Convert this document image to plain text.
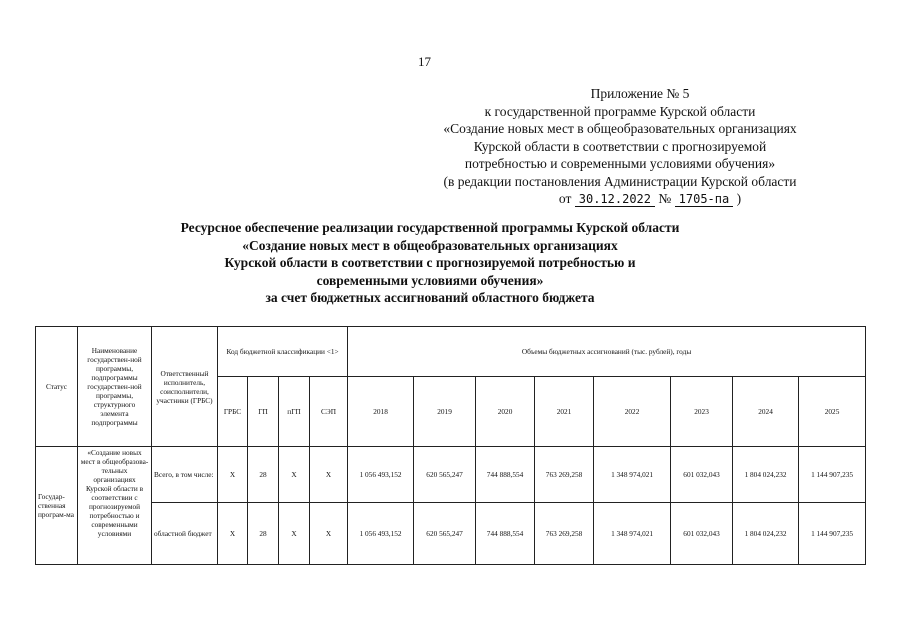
17
Приложение № 5
к государственной программе Курской области
«Создание новых мест в общеобразовательных организациях
Курской области в соответствии с прогнозируемой
потребностью и современными условиями обучения»
(в редакции постановления Администрации Курской области
от 30.12.2022 № 1705-па )
Ресурсное обеспечение реализации государственной программы Курской области
«Создание новых мест в общеобразовательных организациях
Курской области в соответствии с прогнозируемой потребностью и
современными условиями обучения»
за счет бюджетных ассигнований областного бюджета
Статус	Наименование государствен-ной программы, подпрограммы государствен-ной программы, структурного элемента подпрограммы	Ответственный исполнитель, соисполнители, участники (ГРБС)	Код бюджетной классификации <1>				Объемы бюджетных ассигнований (тыс. рублей), годы							
			ГРБС	ГП	пГП	СЭП	2018	2019	2020	2021	2022	2023	2024	2025
Государ-ственная програм-ма	«Создание новых мест в общеобразова-тельных организациях Курской области в соответствии с прогнозируемой потребностью и современными условиями	Всего, в том числе:	Х	28	Х	Х	1 056 493,152	620 565,247	744 888,554	763 269,258	1 348 974,021	601 032,043	1 804 024,232	1 144 907,235
		областной бюджет	Х	28	Х	Х	1 056 493,152	620 565,247	744 888,554	763 269,258	1 348 974,021	601 032,043	1 804 024,232	1 144 907,235
